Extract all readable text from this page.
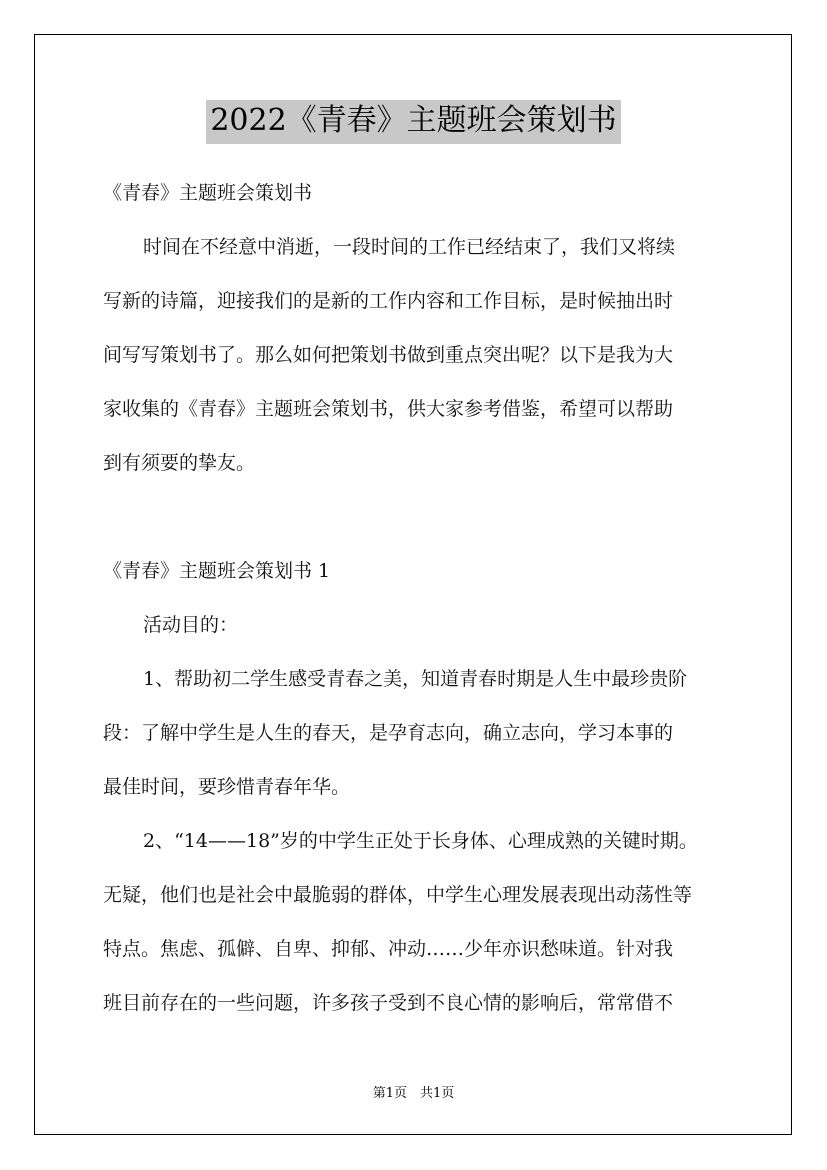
2022《青春》主题班会策划书
《青春》主题班会策划书
时间在不经意中消逝，一段时间的工作已经结束了，我们又将续
写新的诗篇，迎接我们的是新的工作内容和工作目标，是时候抽出时
间写写策划书了。那么如何把策划书做到重点突出呢？以下是我为大
家收集的《青春》主题班会策划书，供大家参考借鉴，希望可以帮助
到有须要的挚友。
《青春》主题班会策划书 1
活动目的：
1、帮助初二学生感受青春之美，知道青春时期是人生中最珍贵阶
段：了解中学生是人生的春天，是孕育志向，确立志向，学习本事的
最佳时间，要珍惜青春年华。
2、“14——18”岁的中学生正处于长身体、心理成熟的关键时期。
无疑，他们也是社会中最脆弱的群体，中学生心理发展表现出动荡性等
特点。焦虑、孤僻、自卑、抑郁、冲动……少年亦识愁味道。针对我
班目前存在的一些问题，许多孩子受到不良心情的影响后，常常借不
第1页　共1页
